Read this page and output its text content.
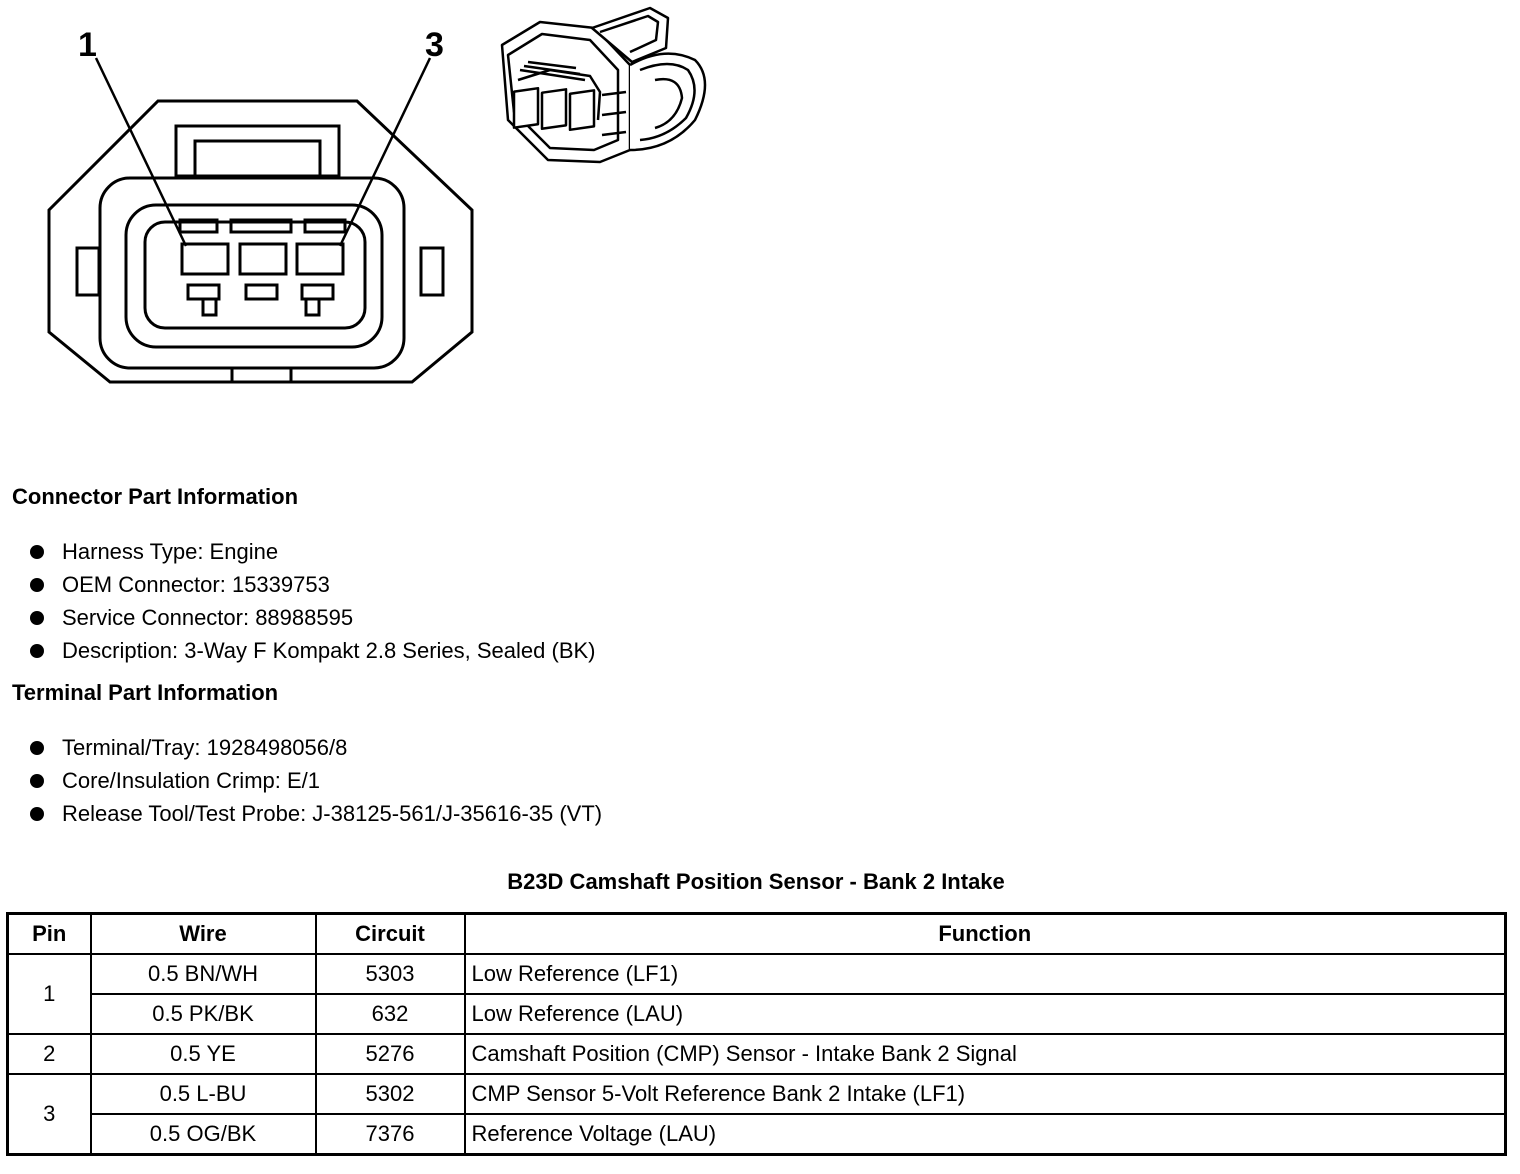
1	3
Connector Part Information
Harness Type: Engine
OEM Connector: 15339753
Service Connector: 88988595
Description: 3-Way F Kompakt 2.8 Series, Sealed (BK)
Terminal Part Information
Terminal/Tray: 1928498056/8
Core/Insulation Crimp: E/1
Release Tool/Test Probe: J-38125-561/J-35616-35 (VT)
B23D Camshaft Position Sensor - Bank 2 Intake
Pin	Wire	Circuit	Function
1	0.5 BN/WH	5303	Low Reference (LF1)
	0.5 PK/BK	632	Low Reference (LAU)
2	0.5 YE	5276	Camshaft Position (CMP) Sensor - Intake Bank 2 Signal
3	0.5 L-BU	5302	CMP Sensor 5-Volt Reference Bank 2 Intake (LF1)
	0.5 OG/BK	7376	Reference Voltage (LAU)
